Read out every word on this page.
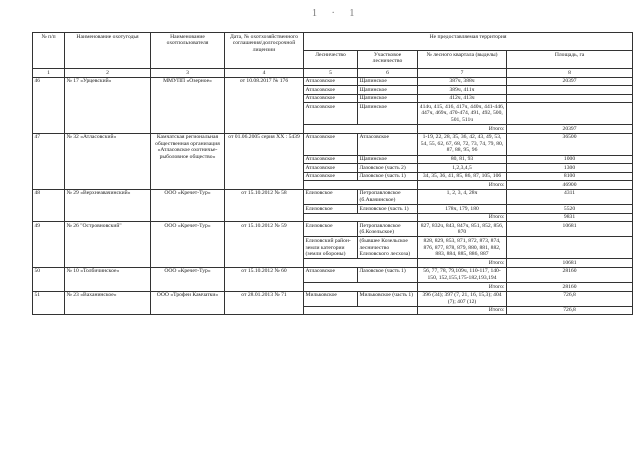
1 · 1
№ п/п	Наименование охотугодья	Наименование охотпользователя	Дата, № охотхозяйственного соглашения/долгосрочной лицензии	Не предоставляемая территория			
				Лесничество	Участковое лесничество	№ лесного квартала (выделы)	Площадь, га
1	2	3	4	5	6	7	8
46	№ 17 «Урцевский»	ММУПП «Озерное»	от 10.08.2017 № 176	Атласовское	Щапинское	387ч, 388ч	20397
				Атласовское	Щапинское	389ч, 411ч	
				Атласовское	Щапинское	412ч, 413ч	
				Атласовское	Щапинское	414ч, 415, 416, 417ч, 440ч, 441-446, 447ч, 469ч, 470-474, 491, 492, 500, 501, 511ч	
						Итого:	20397
47	№ 32 «Атласовский»	Камчатская региональная общественная организация «Атласовское охотничье-рыболовное общество»	от 01.06.2005 серия ХХ : 5439	Атласовское	Атласовское	1-19, 22, 28, 35, 36, 42, 43, 49, 53, 54, 55, 62, 67, 68, 72, 73, 74, 79, 80, 87, 88, 95, 96	36500
				Атласовское	Щапинское	80, 81, 93	1000
				Атласовское	Лазовское (часть 2)	1,2,3,4,5	1300
				Атласовское	Лазовское (часть 1)	34, 35, 36, 41, 85, 86, 87, 105, 106	8100
						Итого:	46900
48	№ 29 «Верхнеавачинский»	ООО «Кречет-Тур»	от 15.10.2012 № 58	Елизовское	Петропавловское (б.Авачинское)	1, 2, 3, 4, 28ч	4311
				Елизовское	Елизовское (часть 1)	178ч, 179, 180	5520
						Итого:	9831
49	№ 26 "Островновский"	ООО «Кречет-Тур»	от 15.10.2012 № 59	Елизовское	Петропавловское (б.Козельское)	827, 832ч, 843, 847ч, 851, 852, 856, 870	10681
				Елизовский район- земли категории (земли обороны)	(бывшее Козельское лесничество Елизовского лесхоза)	828, 829, 853, 871, 872, 873, 874, 876, 877, 878, 879, 880, 881, 882, 883, 884, 885, 886, 887	
						Итого:	10681
50	№ 10 «Толбичинское»	ООО «Кречет-Тур»	от 15.10.2012 № 60	Атласовское	Лазовское (часть 1)	56, 77, 78, 79,109ч, 110-117, 140-150, 152,155,175-182,193,194	28160
						Итого:	28160
51	№ 23 «Ваханинское»	ООО «Трофеи Камчатки»	от 28.01.2013 № 71	Мильковское	Мильковское (часть 1)	396 (34); 397 (7, 21, 16, 15,3); 404 (7); 407 (12)	726,8
						Итого:	726,8
